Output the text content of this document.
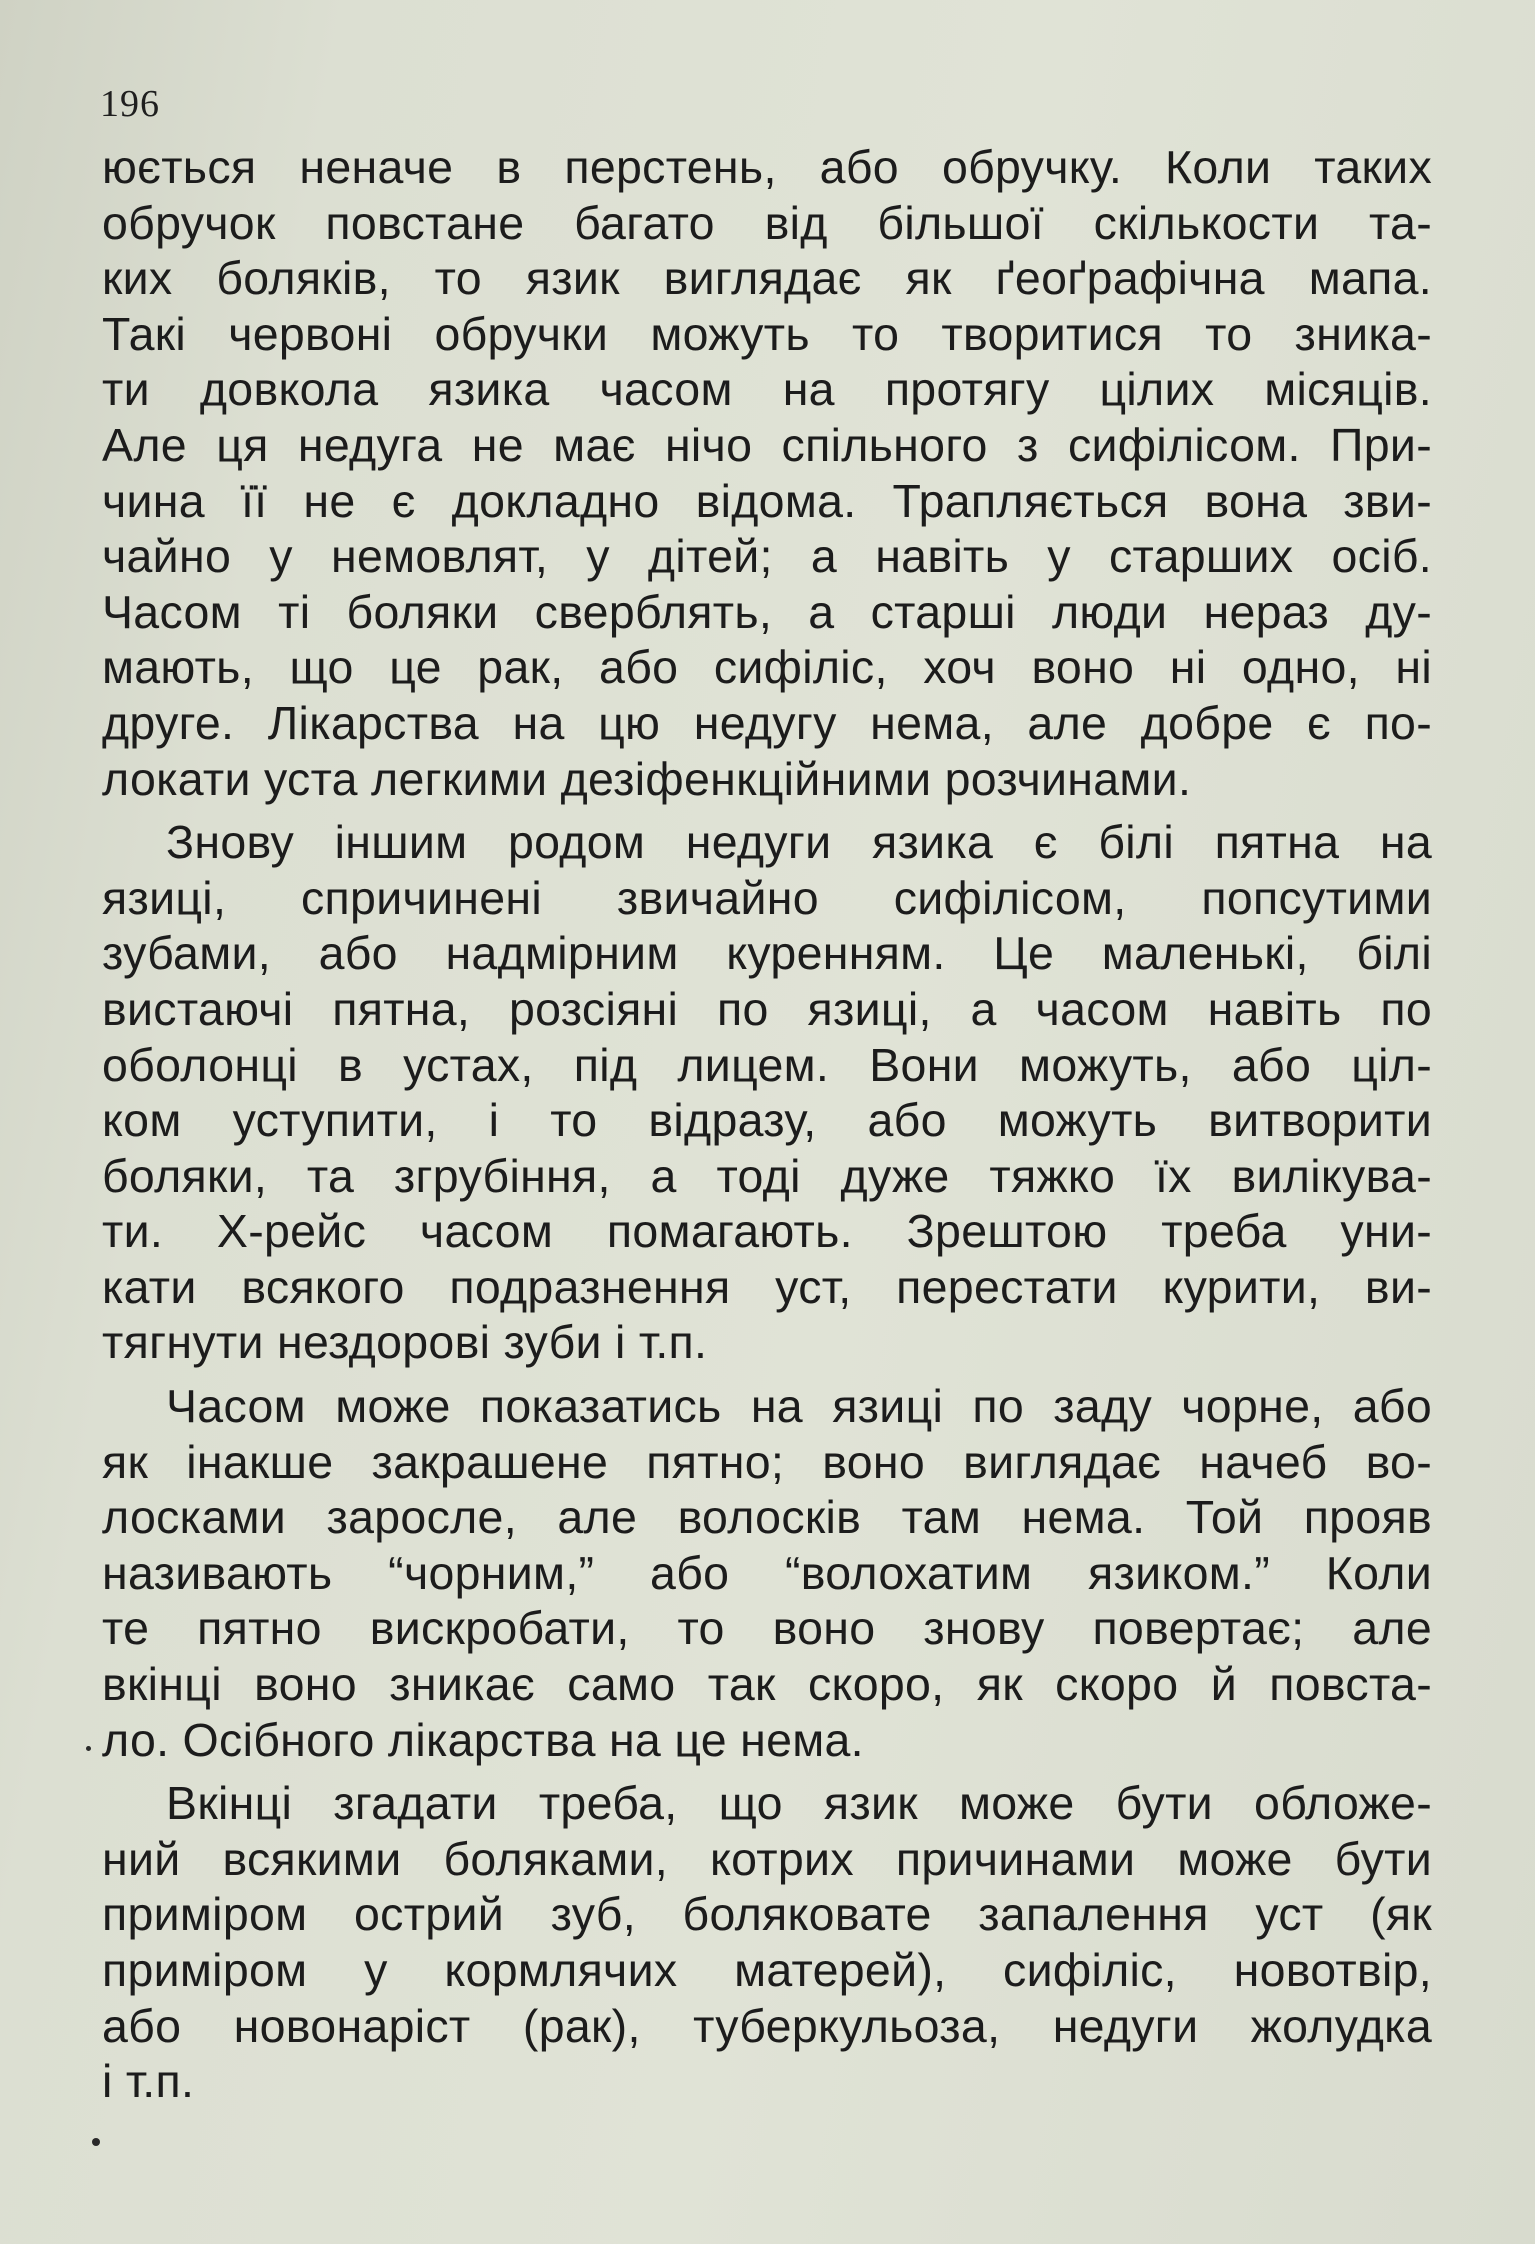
196
юється неначе в перстень, або обручку. Коли таких
обручок повстане багато від більшої скількости та-
ких боляків, то язик виглядає як ґеоґрафічна мапа.
Такі червоні обручки можуть то творитися то зника-
ти довкола язика часом на протягу цілих місяців.
Але ця недуга не має нічо спільного з сифілісом. При-
чина її не є докладно відома. Трапляється вона зви-
чайно у немовлят, у дітей; а навіть у старших осіб.
Часом ті боляки сверблять, а старші люди нераз ду-
мають, що це рак, або сифіліс, хоч воно ні одно, ні
друге. Лікарства на цю недугу нема, але добре є по-
локати уста легкими дезіфенкційними розчинами.
Знову іншим родом недуги язика є білі пятна на
язиці, спричинені звичайно сифілісом, попсутими
зубами, або надмірним куренням. Це маленькі, білі
вистаючі пятна, розсіяні по язиці, а часом навіть по
оболонці в устах, під лицем. Вони можуть, або ціл-
ком уступити, і то відразу, або можуть витворити
боляки, та згрубіння, а тоді дуже тяжко їх вилікува-
ти. Х-рейс часом помагають. Зрештою треба уни-
кати всякого подразнення уст, перестати курити, ви-
тягнути нездорові зуби і т.п.
Часом може показатись на язиці по заду чорне, або
як інакше закрашене пятно; воно виглядає начеб во-
лосками заросле, але волосків там нема. Той прояв
називають “чорним,” або “волохатим язиком.” Коли
те пятно вискробати, то воно знову повертає; але
вкінці воно зникає само так скоро, як скоро й повста-
ло. Осібного лікарства на це нема.
Вкінці згадати треба, що язик може бути обложе-
ний всякими боляками, котрих причинами може бути
приміром острий зуб, боляковате запалення уст (як
приміром у кормлячих матерей), сифіліс, новотвір,
або новонаріст (рак), туберкульоза, недуги жолудка
і т.п.
